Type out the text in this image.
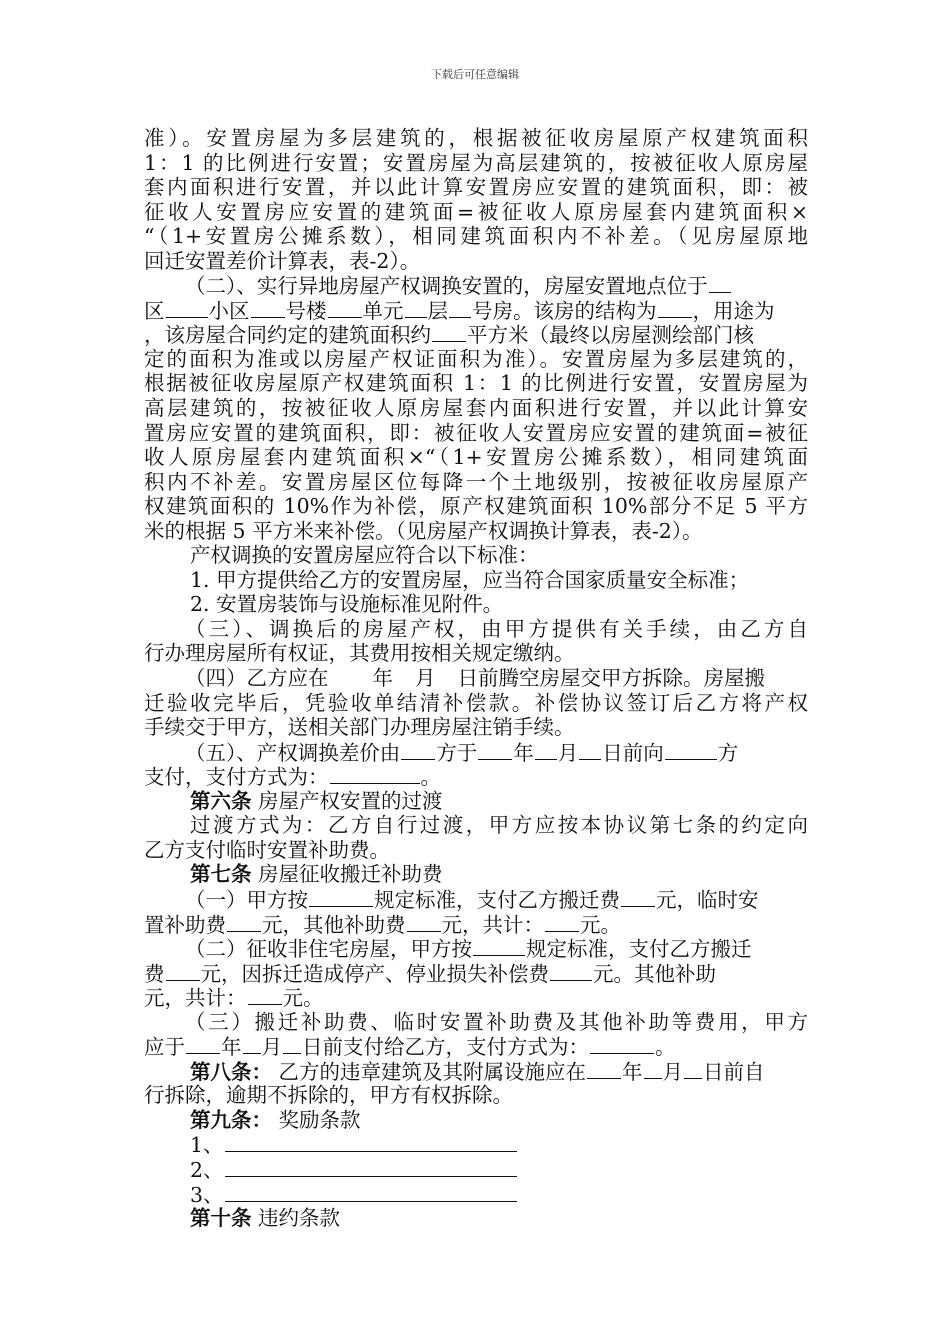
下载后可任意编辑
准）。安置房屋为多层建筑的，根据被征收房屋原产权建筑面积
1：1 的比例进行安置；安置房屋为高层建筑的，按被征收人原房屋
套内面积进行安置，并以此计算安置房应安置的建筑面积，即：被
征收人安置房应安置的建筑面=被征收人原房屋套内建筑面积×
“（1+安置房公摊系数），相同建筑面积内不补差。（见房屋原地
回迁安置差价计算表，表-2）。
（二）、实行异地房屋产权调换安置的，房屋安置地点位于
区 小区 号楼 单元 层 号房。该房的结构为 ，用途为
，该房屋合同约定的建筑面积约 平方米（最终以房屋测绘部门核
定的面积为准或以房屋产权证面积为准）。安置房屋为多层建筑的，
根据被征收房屋原产权建筑面积 1：1 的比例进行安置，安置房屋为
高层建筑的，按被征收人原房屋套内面积进行安置，并以此计算安
置房应安置的建筑面积，即：被征收人安置房应安置的建筑面=被征
收人原房屋套内建筑面积×“（1+安置房公摊系数），相同建筑面
积内不补差。安置房屋区位每降一个土地级别，按被征收房屋原产
权建筑面积的 10%作为补偿，原产权建筑面积 10%部分不足 5 平方
米的根据 5 平方米来补偿。（见房屋产权调换计算表，表-2）。
产权调换的安置房屋应符合以下标准：
1. 甲方提供给乙方的安置房屋，应当符合国家质量安全标准；
2. 安置房装饰与设施标准见附件。
（三）、调换后的房屋产权，由甲方提供有关手续，由乙方自
行办理房屋所有权证，其费用按相关规定缴纳。
（四）乙方应在 年 月 日前腾空房屋交甲方拆除。房屋搬
迁验收完毕后，凭验收单结清补偿款。补偿协议签订后乙方将产权
手续交于甲方，送相关部门办理房屋注销手续。
（五）、产权调换差价由 方于 年 月 日前向	方
支付，支付方式为：	。
第六条 房屋产权安置的过渡
过渡方式为：乙方自行过渡，甲方应按本协议第七条的约定向
乙方支付临时安置补助费。
第七条 房屋征收搬迁补助费
（一）甲方按	规定标准，支付乙方搬迁费 元，临时安
置补助费 元，其他补助费 元，共计： 元。
（二）征收非住宅房屋，甲方按	规定标准，支付乙方搬迁
费 元，因拆迁造成停产、停业损失补偿费 元。其他补助
元，共计： 元。
（三）搬迁补助费、临时安置补助费及其他补助等费用，甲方
应于 年 月 日前支付给乙方，支付方式为：	。
第八条： 乙方的违章建筑及其附属设施应在 年 月 日前自
行拆除，逾期不拆除的，甲方有权拆除。
第九条： 奖励条款
1、
2、
3、
第十条 违约条款
